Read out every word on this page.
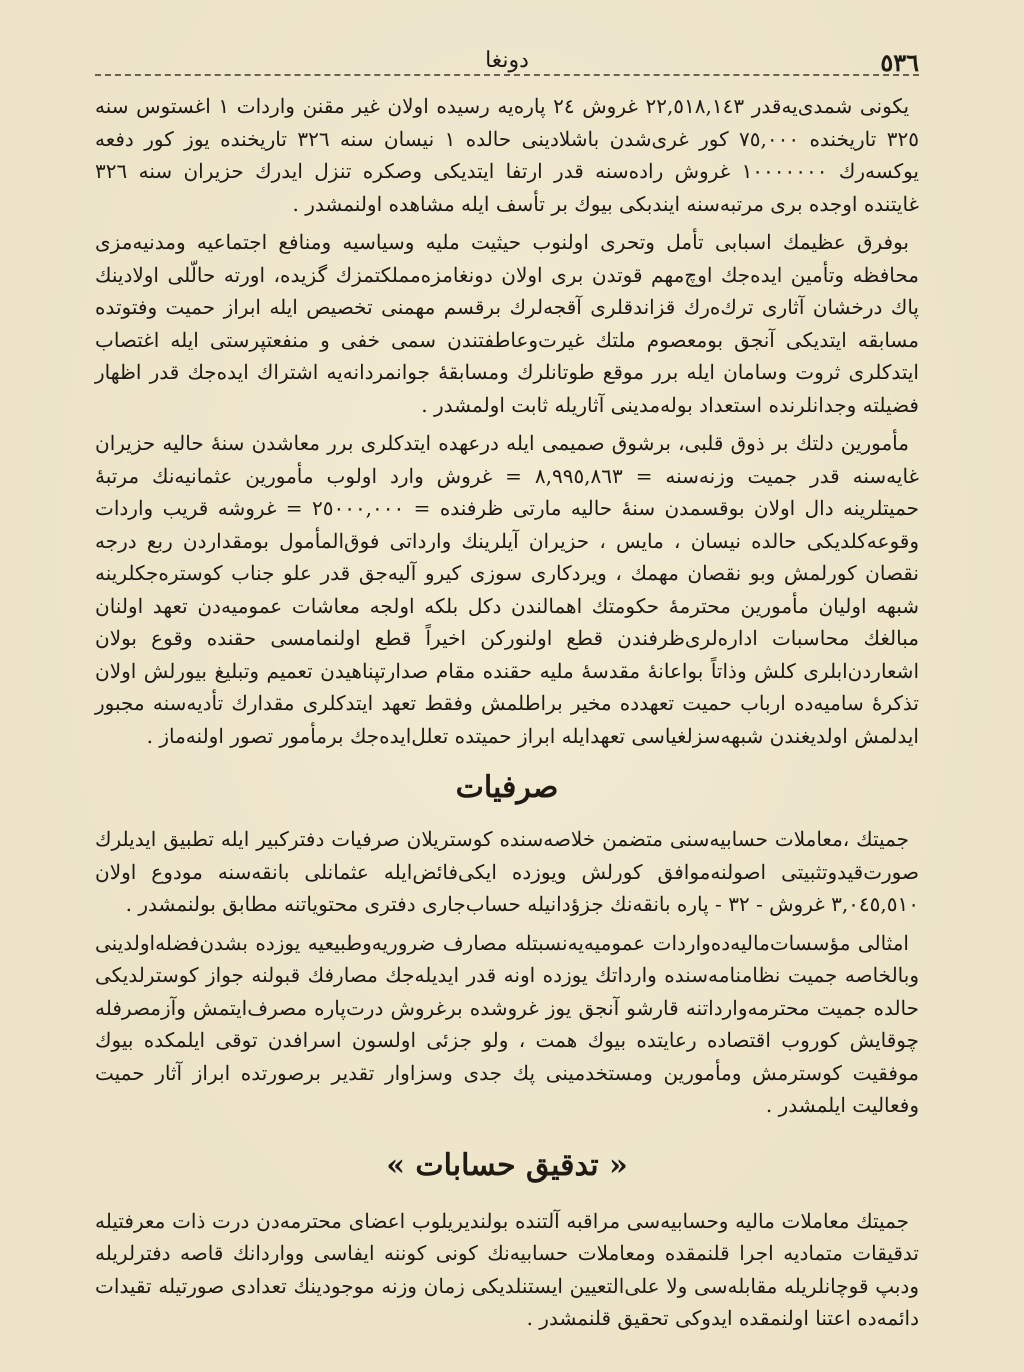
٥٣٦
دونغا

يكونى شمدى‌يه‌قدر ٢٢,٥١٨,١٤٣ غروش ٢٤ پاره‌يه رسيده اولان غير مقنن واردات ١ اغستوس سنه ٣٢٥ تاريخنده ٧٥,٠٠٠ كور غرى‌شدن باشلادينى حالده ١ نيسان سنه ٣٢٦ تاريخنده يوز كور دفعه يوكسه‌رك ١٠٠٠٠٠٠٠ غروش راده‌سنه قدر ارتفا ايتديكى وصكره تنزل ايدرك حزيران سنه ٣٢٦ غايتنده اوجده برى مرتبه‌سنه ايندبكى بيوك بر تأسف ايله مشاهده اولنمشدر .

بوفرق عظيمك اسبابى تأمل وتحرى اولنوب حيثيت مليه وسياسيه ومنافع اجتماعيه ومدنيه‌مزى محافظه وتأمين ايده‌جك اوچ‌مهم قوتدن برى اولان دونغامزه‌مملكتمزك گزيده، اورته حالّلى اولادينك پاك درخشان آثارى ترك‌ه‌رك قزاندقلرى آقجه‌لرك برقسم مهمنى تخصيص ايله ابراز حميت وفتوتده مسابقه ايتديكى آنجق بومعصوم ملتك غيرت‌وعاطفتندن سمى خفى و منفعتپرستى ايله اغتصاب ايتدكلرى ثروت وسامان ايله برر موقع طوتانلرك ومسابقهٔ جوانمردانه‌يه اشتراك ايده‌جك قدر اظهار فضيلته وجدانلرنده استعداد بوله‌مدينى آثاريله ثابت اولمشدر .

مأمورين دلتك بر ذوق قلبى، برشوق صميمى ايله درعهده ايتدكلرى برر معاشدن سنهٔ حاليه حزيران غايه‌سنه قدر جميت وزنه‌سنه = ٨,٩٩٥,٨٦٣ = غروش وارد اولوب مأمورين عثمانيه‌نك مرتبهٔ حميتلرينه دال اولان بوقسمدن سنهٔ حاليه مارتى ظرفنده = ٢٥٠٠٠,٠٠٠ = غروشه قريب واردات وقوعه‌كلديكى حالده نيسان ، مايس ، حزيران آيلرينك وارداتى فوق‌المأمول بومقداردن ربع درجه نقصان كورلمش وبو نقصان مهمك ، ويردكارى سوزى كيرو آليه‌جق قدر علو جناب كوستره‌جكلرينه شبهه اوليان مأمورين محترمهٔ حكومتك اهمالندن دكل بلكه اولجه معاشات عموميه‌دن تعهد اولنان مبالغك محاسبات اداره‌لرى‌ظرفندن قطع اولنوركن اخيراً قطع اولنمامسى حقنده وقوع بولان اشعاردن‌ابلرى كلش وذاتاً بواعانهٔ مقدسهٔ مليه حقنده مقام صدارتپناهيدن تعميم وتبليغ بيورلش اولان تذكرهٔ ساميه‌ده ارباب حميت تعهدده مخير براطلمش وفقط تعهد ايتدكلرى مقدارك تأديه‌سنه مجبور ايدلمش اولديغندن شبهه‌سزلغياسى تعهدايله ابراز حميتده تعلل‌ايده‌جك برمأمور تصور اولنه‌ماز .

صرفيات

جميتك ،معاملات حسابيه‌سنى متضمن خلاصه‌سنده كوستريلان صرفيات دفتركبير ايله تطبيق ايديلرك صورت‌قيدوتثبيتى اصولنه‌موافق كورلش ويوزده ايكى‌فائض‌ايله عثمانلى بانقه‌سنه مودوع اولان ٣,٠٤٥,٥١٠ غروش - ٣٢ - پاره بانقه‌نك جزؤدانيله حساب‌جارى دفترى محتوياتنه مطابق بولنمشدر .

امثالى مؤسسات‌ماليه‌ده‌واردات عموميه‌يه‌نسبتله مصارف ضروريه‌وطبيعيه يوزده بشدن‌فضله‌اولدينى وبالخاصه جميت نظامنامه‌سنده وارداتك يوزده اونه قدر ايديله‌جك مصارفك قبولنه جواز كوسترلديكى حالده جميت محترمه‌وارداتنه قارشو آنجق يوز غروشده برغروش درت‌پاره مصرف‌ايتمش وآزمصرفله چوقايش كوروب اقتصاده رعايتده بيوك همت ، ولو جزئى اولسون اسرافدن توقى ايلمكده بيوك موفقيت كوسترمش ومأمورين ومستخدمينى پك جدى وسزاوار تقدير برصورتده ابراز آثار حميت وفعاليت ايلمشدر .

« تدقيق حسابات »

جميتك معاملات ماليه وحسابيه‌سى مراقبه آلتنده بولنديريلوب اعضاى محترمه‌دن درت ذات معرفتيله تدقيقات متماديه اجرا قلنمقده ومعاملات حسابيه‌نك كونى كوننه ايفاسى وواردانك قاصه دفترلريله ودبپ قوچانلريله مقابله‌سى ولا على‌التعيين ايستنلديكى زمان وزنه موجودينك تعدادى صورتيله تقيدات دائمه‌ده اعتنا اولنمقده ايدوكى تحقيق قلنمشدر .
